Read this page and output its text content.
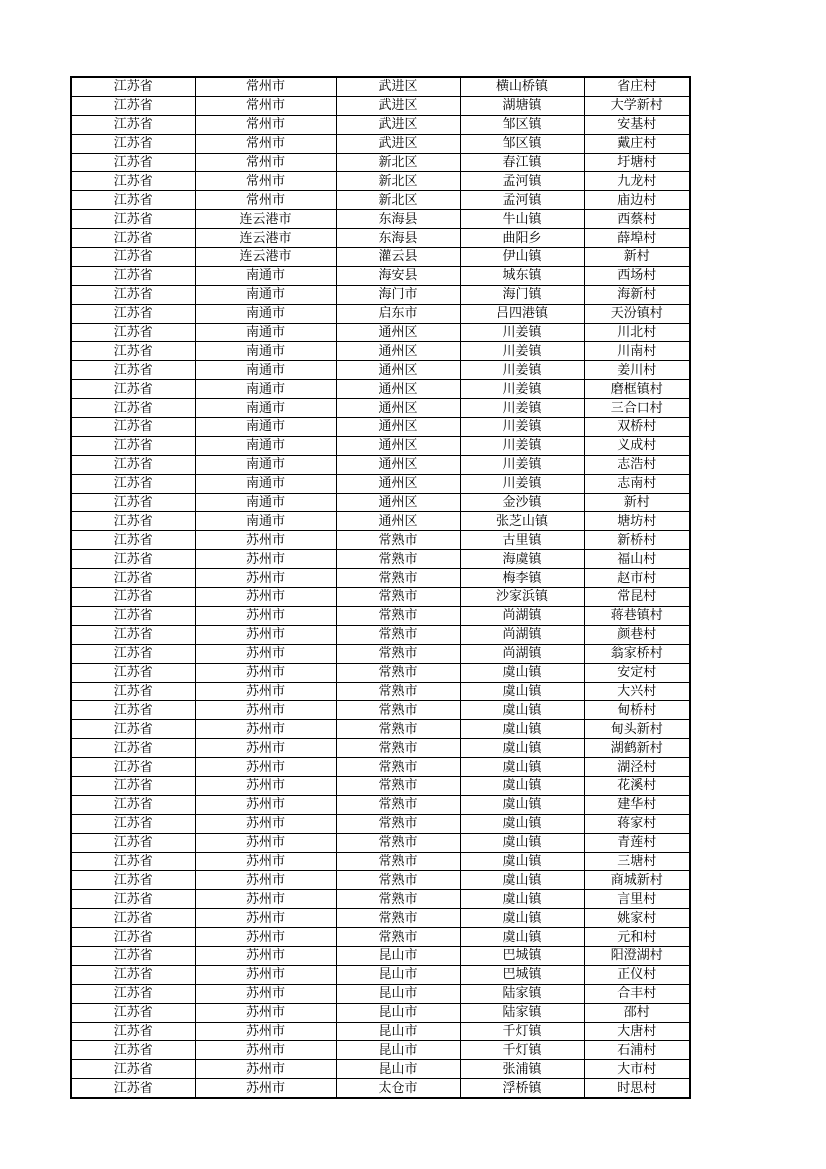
江苏省	常州市	武进区	横山桥镇	省庄村
江苏省	常州市	武进区	湖塘镇	大学新村
江苏省	常州市	武进区	邹区镇	安基村
江苏省	常州市	武进区	邹区镇	戴庄村
江苏省	常州市	新北区	春江镇	圩塘村
江苏省	常州市	新北区	孟河镇	九龙村
江苏省	常州市	新北区	孟河镇	庙边村
江苏省	连云港市	东海县	牛山镇	西蔡村
江苏省	连云港市	东海县	曲阳乡	薛埠村
江苏省	连云港市	灌云县	伊山镇	新村
江苏省	南通市	海安县	城东镇	西场村
江苏省	南通市	海门市	海门镇	海新村
江苏省	南通市	启东市	吕四港镇	天汾镇村
江苏省	南通市	通州区	川姜镇	川北村
江苏省	南通市	通州区	川姜镇	川南村
江苏省	南通市	通州区	川姜镇	姜川村
江苏省	南通市	通州区	川姜镇	磨框镇村
江苏省	南通市	通州区	川姜镇	三合口村
江苏省	南通市	通州区	川姜镇	双桥村
江苏省	南通市	通州区	川姜镇	义成村
江苏省	南通市	通州区	川姜镇	志浩村
江苏省	南通市	通州区	川姜镇	志南村
江苏省	南通市	通州区	金沙镇	新村
江苏省	南通市	通州区	张芝山镇	塘坊村
江苏省	苏州市	常熟市	古里镇	新桥村
江苏省	苏州市	常熟市	海虞镇	福山村
江苏省	苏州市	常熟市	梅李镇	赵市村
江苏省	苏州市	常熟市	沙家浜镇	常昆村
江苏省	苏州市	常熟市	尚湖镇	蒋巷镇村
江苏省	苏州市	常熟市	尚湖镇	颜巷村
江苏省	苏州市	常熟市	尚湖镇	翁家桥村
江苏省	苏州市	常熟市	虞山镇	安定村
江苏省	苏州市	常熟市	虞山镇	大兴村
江苏省	苏州市	常熟市	虞山镇	甸桥村
江苏省	苏州市	常熟市	虞山镇	甸头新村
江苏省	苏州市	常熟市	虞山镇	湖鹤新村
江苏省	苏州市	常熟市	虞山镇	湖泾村
江苏省	苏州市	常熟市	虞山镇	花溪村
江苏省	苏州市	常熟市	虞山镇	建华村
江苏省	苏州市	常熟市	虞山镇	蒋家村
江苏省	苏州市	常熟市	虞山镇	青莲村
江苏省	苏州市	常熟市	虞山镇	三塘村
江苏省	苏州市	常熟市	虞山镇	商城新村
江苏省	苏州市	常熟市	虞山镇	言里村
江苏省	苏州市	常熟市	虞山镇	姚家村
江苏省	苏州市	常熟市	虞山镇	元和村
江苏省	苏州市	昆山市	巴城镇	阳澄湖村
江苏省	苏州市	昆山市	巴城镇	正仪村
江苏省	苏州市	昆山市	陆家镇	合丰村
江苏省	苏州市	昆山市	陆家镇	邵村
江苏省	苏州市	昆山市	千灯镇	大唐村
江苏省	苏州市	昆山市	千灯镇	石浦村
江苏省	苏州市	昆山市	张浦镇	大市村
江苏省	苏州市	太仓市	浮桥镇	时思村
